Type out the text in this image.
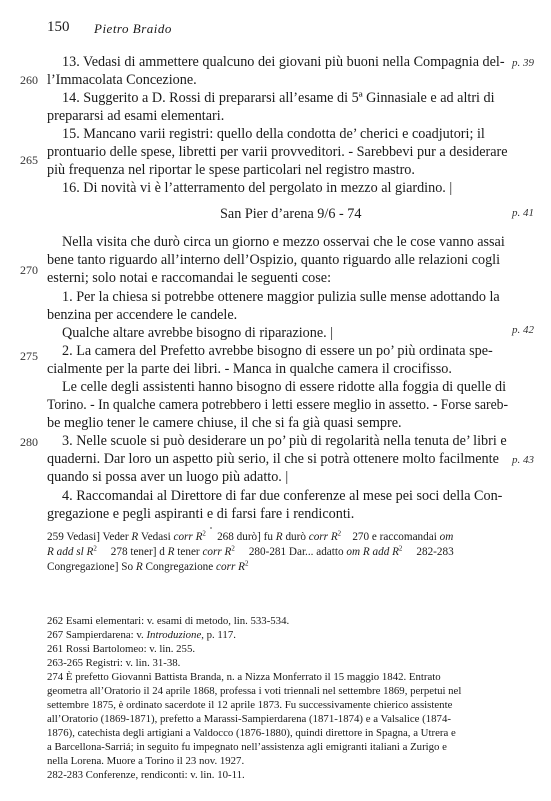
150 Pietro Braido
260
265
270
275
280
p. 39
p. 41
p. 42
p. 43
13. Vedasi di ammettere qualcuno dei giovani più buoni nella Compagnia del-
l’Immacolata Concezione.
14. Suggerito a D. Rossi di prepararsi all’esame di 5ª Ginnasiale e ad altri di
prepararsi ad esami elementari.
15. Mancano varii registri: quello della condotta de’ cherici e coadjutori; il
prontuario delle spese, libretti per varii provveditori. - Sarebbevi pur a desiderare
più frequenza nel riportar le spese particolari nel registro mastro.
16. Di novità vi è l’atterramento del pergolato in mezzo al giardino. |
San Pier d’arena 9/6 - 74
Nella visita che durò circa un giorno e mezzo osservai che le cose vanno assai
bene tanto riguardo all’interno dell’Ospizio, quanto riguardo alle relazioni cogli
esterni; solo notai e raccomandai le seguenti cose:
1. Per la chiesa si potrebbe ottenere maggior pulizia sulle mense adottando la
benzina per accendere le candele.
Qualche altare avrebbe bisogno di riparazione. |
2. La camera del Prefetto avrebbe bisogno di essere un po’ più ordinata spe-
cialmente per la parte dei libri. - Manca in qualche camera il crocifisso.
Le celle degli assistenti hanno bisogno di essere ridotte alla foggia di quelle di
Torino. - In qualche camera potrebbero i letti essere meglio in assetto. - Forse sareb-
be meglio tener le camere chiuse, il che si fa già quasi sempre.
3. Nelle scuole si può desiderare un po’ più di regolarità nella tenuta de’ libri e
quaderni. Dar loro un aspetto più serio, il che si potrà ottenere molto facilmente
quando si possa aver un luogo più adatto. |
4. Raccomandai al Direttore di far due conferenze al mese pei soci della Con-
gregazione e pegli aspiranti e di farsi fare i rendiconti.
259 Vedasi] Veder R Vedasi corr $R^2$ 268 durò] fu R durò corr $R^2$ 270 e raccomandai om
R add sl $R^2$ 278 tener] d R tener corr $R^2$ 280-281 Dar... adatto om R add $R^2$ 282-283
Congregazione] So R Congregazione corr $R^2$
262 Esami elementari: v. esami di metodo, lin. 533-534.
267 Sampierdarena: v. Introduzione, p. 117.
261 Rossi Bartolomeo: v. lin. 255.
263-265 Registri: v. lin. 31-38.
274 È prefetto Giovanni Battista Branda, n. a Nizza Monferrato il 15 maggio 1842. Entrato
geometra all’Oratorio il 24 aprile 1868, professa i voti triennali nel settembre 1869, perpetui nel
settembre 1875, è ordinato sacerdote il 12 aprile 1873. Fu successivamente chierico assistente
all’Oratorio (1869-1871), prefetto a Marassi-Sampierdarena (1871-1874) e a Valsalice (1874-
1876), catechista degli artigiani a Valdocco (1876-1880), quindi direttore in Spagna, a Utrera e
a Barcellona-Sarriá; in seguito fu impegnato nell’assistenza agli emigranti italiani a Zurigo e
nella Lorena. Muore a Torino il 23 nov. 1927.
282-283 Conferenze, rendiconti: v. lin. 10-11.
